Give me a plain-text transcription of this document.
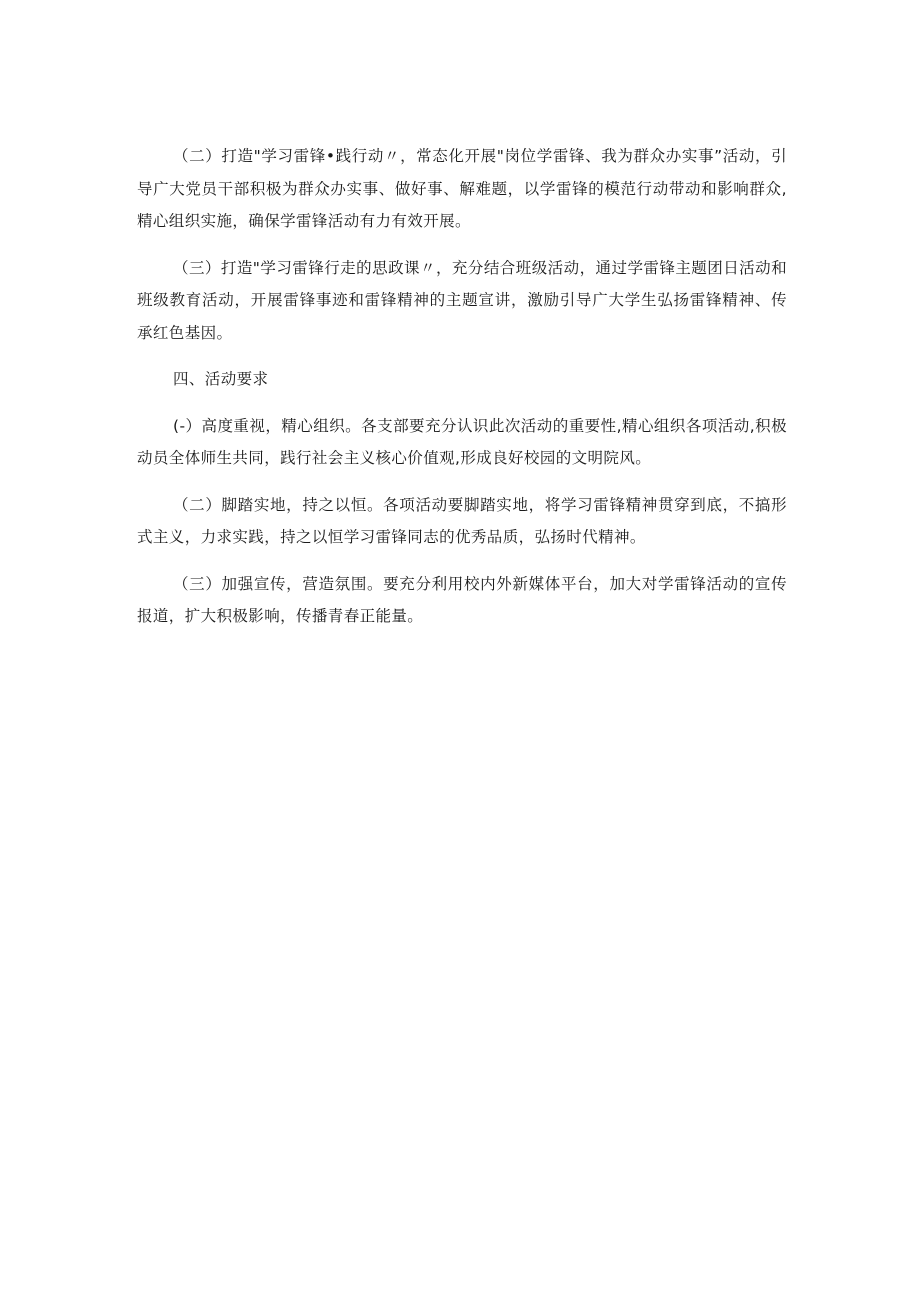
（二）打造"学习雷锋•践行动〃，常态化开展"岗位学雷锋、我为群众办实事”活动，引导广大党员干部积极为群众办实事、做好事、解难题，以学雷锋的模范行动带动和影响群众,精心组织实施，确保学雷锋活动有力有效开展。

（三）打造"学习雷锋行走的思政课〃，充分结合班级活动，通过学雷锋主题团日活动和班级教育活动，开展雷锋事迹和雷锋精神的主题宣讲，激励引导广大学生弘扬雷锋精神、传承红色基因。

四、活动要求

(-）高度重视，精心组织。各支部要充分认识此次活动的重要性,精心组织各项活动,积极动员全体师生共同，践行社会主义核心价值观,形成良好校园的文明院风。

（二）脚踏实地，持之以恒。各项活动要脚踏实地，将学习雷锋精神贯穿到底，不搞形式主义，力求实践，持之以恒学习雷锋同志的优秀品质，弘扬时代精神。

（三）加强宣传，营造氛围。要充分利用校内外新媒体平台，加大对学雷锋活动的宣传报道，扩大积极影响，传播青春正能量。
